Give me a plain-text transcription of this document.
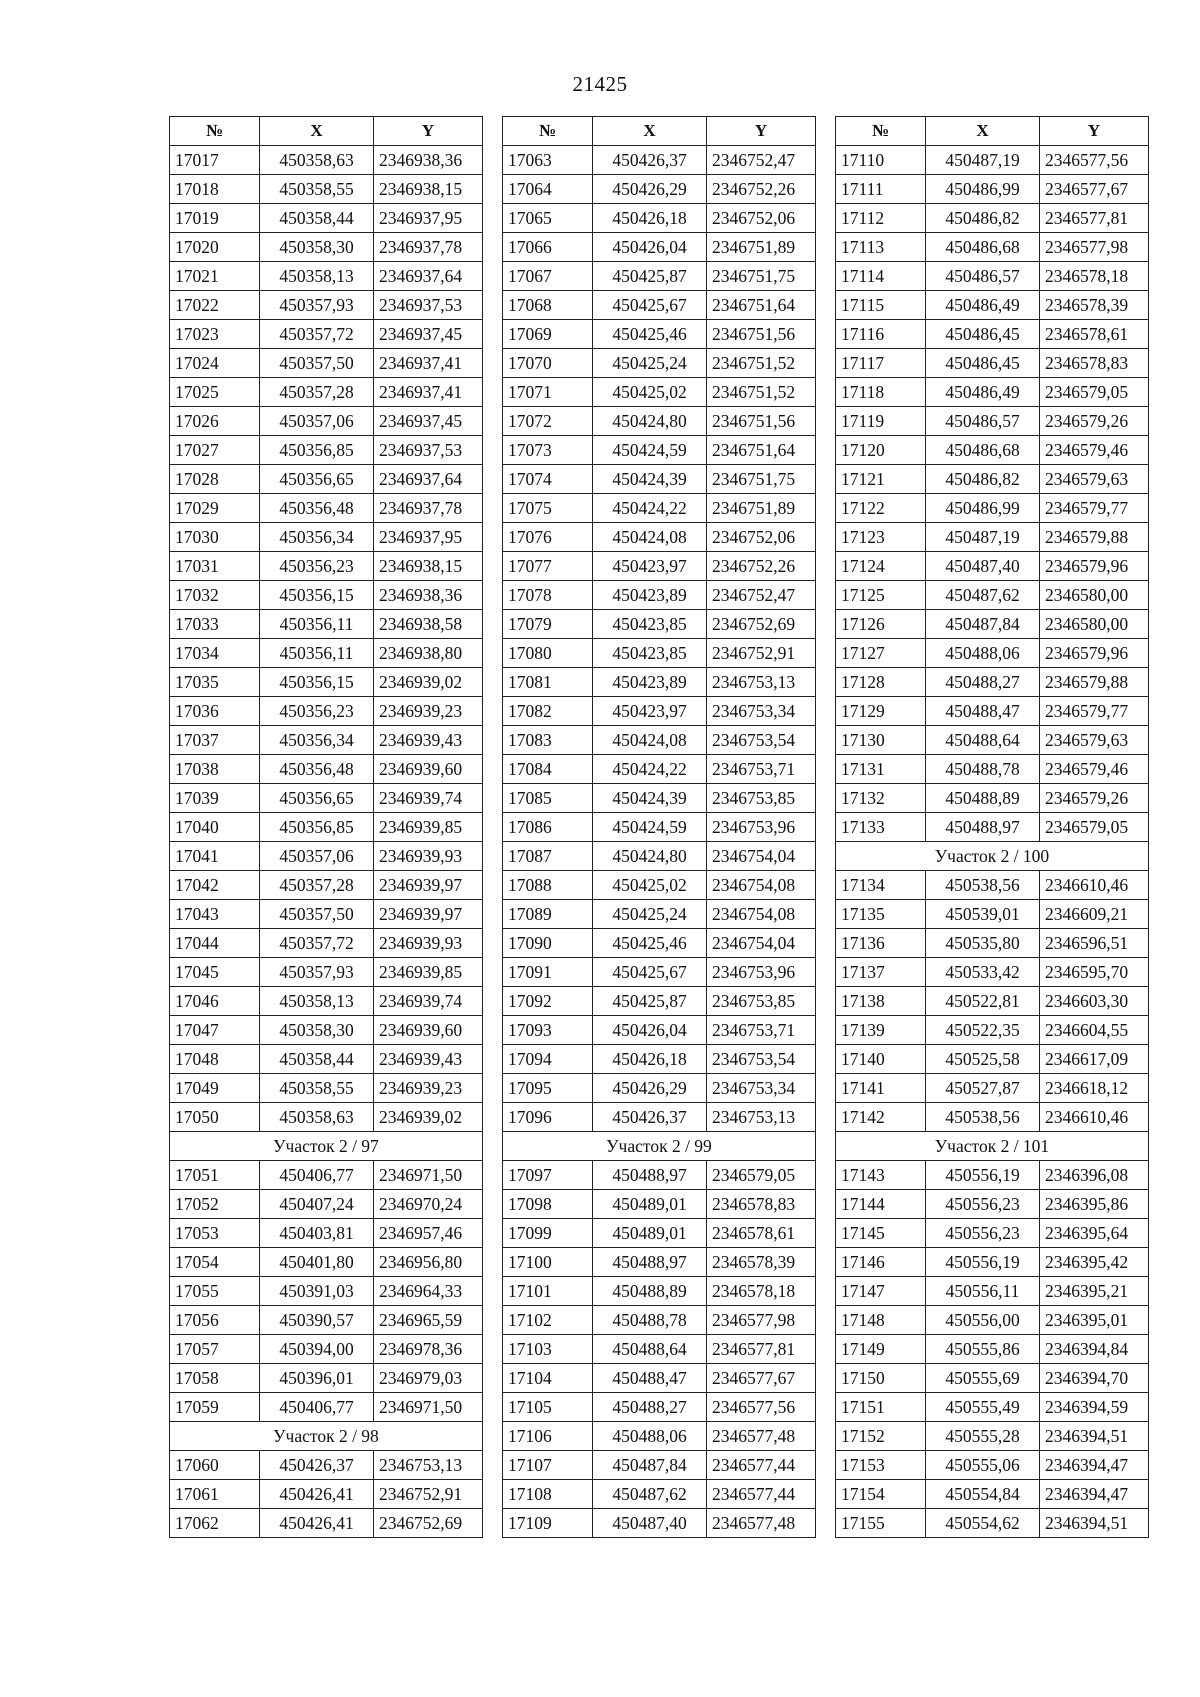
21425
№	X	Y
17017	450358,63	2346938,36
17018	450358,55	2346938,15
17019	450358,44	2346937,95
17020	450358,30	2346937,78
17021	450358,13	2346937,64
17022	450357,93	2346937,53
17023	450357,72	2346937,45
17024	450357,50	2346937,41
17025	450357,28	2346937,41
17026	450357,06	2346937,45
17027	450356,85	2346937,53
17028	450356,65	2346937,64
17029	450356,48	2346937,78
17030	450356,34	2346937,95
17031	450356,23	2346938,15
17032	450356,15	2346938,36
17033	450356,11	2346938,58
17034	450356,11	2346938,80
17035	450356,15	2346939,02
17036	450356,23	2346939,23
17037	450356,34	2346939,43
17038	450356,48	2346939,60
17039	450356,65	2346939,74
17040	450356,85	2346939,85
17041	450357,06	2346939,93
17042	450357,28	2346939,97
17043	450357,50	2346939,97
17044	450357,72	2346939,93
17045	450357,93	2346939,85
17046	450358,13	2346939,74
17047	450358,30	2346939,60
17048	450358,44	2346939,43
17049	450358,55	2346939,23
17050	450358,63	2346939,02
Участок 2 / 97		
17051	450406,77	2346971,50
17052	450407,24	2346970,24
17053	450403,81	2346957,46
17054	450401,80	2346956,80
17055	450391,03	2346964,33
17056	450390,57	2346965,59
17057	450394,00	2346978,36
17058	450396,01	2346979,03
17059	450406,77	2346971,50
Участок 2 / 98		
17060	450426,37	2346753,13
17061	450426,41	2346752,91
17062	450426,41	2346752,69
№	X	Y
17063	450426,37	2346752,47
17064	450426,29	2346752,26
17065	450426,18	2346752,06
17066	450426,04	2346751,89
17067	450425,87	2346751,75
17068	450425,67	2346751,64
17069	450425,46	2346751,56
17070	450425,24	2346751,52
17071	450425,02	2346751,52
17072	450424,80	2346751,56
17073	450424,59	2346751,64
17074	450424,39	2346751,75
17075	450424,22	2346751,89
17076	450424,08	2346752,06
17077	450423,97	2346752,26
17078	450423,89	2346752,47
17079	450423,85	2346752,69
17080	450423,85	2346752,91
17081	450423,89	2346753,13
17082	450423,97	2346753,34
17083	450424,08	2346753,54
17084	450424,22	2346753,71
17085	450424,39	2346753,85
17086	450424,59	2346753,96
17087	450424,80	2346754,04
17088	450425,02	2346754,08
17089	450425,24	2346754,08
17090	450425,46	2346754,04
17091	450425,67	2346753,96
17092	450425,87	2346753,85
17093	450426,04	2346753,71
17094	450426,18	2346753,54
17095	450426,29	2346753,34
17096	450426,37	2346753,13
Участок 2 / 99		
17097	450488,97	2346579,05
17098	450489,01	2346578,83
17099	450489,01	2346578,61
17100	450488,97	2346578,39
17101	450488,89	2346578,18
17102	450488,78	2346577,98
17103	450488,64	2346577,81
17104	450488,47	2346577,67
17105	450488,27	2346577,56
17106	450488,06	2346577,48
17107	450487,84	2346577,44
17108	450487,62	2346577,44
17109	450487,40	2346577,48
№	X	Y
17110	450487,19	2346577,56
17111	450486,99	2346577,67
17112	450486,82	2346577,81
17113	450486,68	2346577,98
17114	450486,57	2346578,18
17115	450486,49	2346578,39
17116	450486,45	2346578,61
17117	450486,45	2346578,83
17118	450486,49	2346579,05
17119	450486,57	2346579,26
17120	450486,68	2346579,46
17121	450486,82	2346579,63
17122	450486,99	2346579,77
17123	450487,19	2346579,88
17124	450487,40	2346579,96
17125	450487,62	2346580,00
17126	450487,84	2346580,00
17127	450488,06	2346579,96
17128	450488,27	2346579,88
17129	450488,47	2346579,77
17130	450488,64	2346579,63
17131	450488,78	2346579,46
17132	450488,89	2346579,26
17133	450488,97	2346579,05
Участок 2 / 100		
17134	450538,56	2346610,46
17135	450539,01	2346609,21
17136	450535,80	2346596,51
17137	450533,42	2346595,70
17138	450522,81	2346603,30
17139	450522,35	2346604,55
17140	450525,58	2346617,09
17141	450527,87	2346618,12
17142	450538,56	2346610,46
Участок 2 / 101		
17143	450556,19	2346396,08
17144	450556,23	2346395,86
17145	450556,23	2346395,64
17146	450556,19	2346395,42
17147	450556,11	2346395,21
17148	450556,00	2346395,01
17149	450555,86	2346394,84
17150	450555,69	2346394,70
17151	450555,49	2346394,59
17152	450555,28	2346394,51
17153	450555,06	2346394,47
17154	450554,84	2346394,47
17155	450554,62	2346394,51
